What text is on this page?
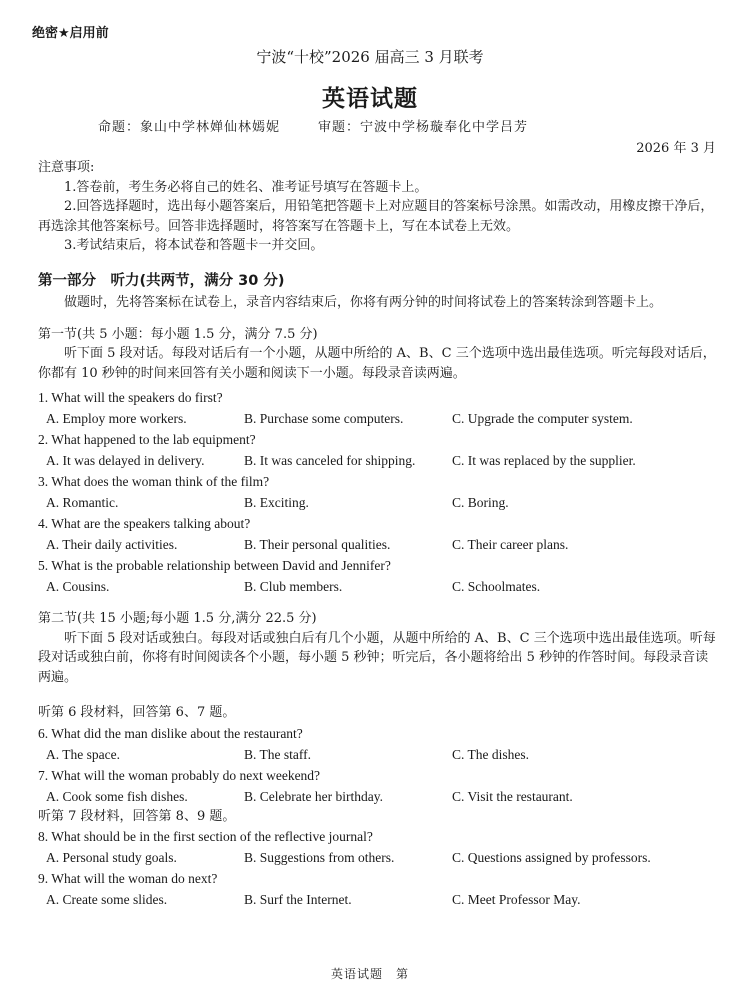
绝密★启用前
宁波“十校”2026 届高三 3 月联考
英语试题
命题：象山中学林婵仙林嫣妮	审题：宁波中学杨璇奉化中学吕芳
2026 年 3 月

注意事项:

1.答卷前，考生务必将自己的姓名、准考证号填写在答题卡上。

2.回答选择题时，选出每小题答案后，用铅笔把答题卡上对应题目的答案标号涂黑。如需改动，用橡皮擦干净后，再选涂其他答案标号。回答非选择题时，将答案写在答题卡上，写在本试卷上无效。

3.考试结束后，将本试卷和答题卡一并交回。

第一部分　听力(共两节，满分 30 分)

做题时，先将答案标在试卷上，录音内容结束后，你将有两分钟的时间将试卷上的答案转涂到答题卡上。

第一节(共 5 小题：每小题 1.5 分，满分 7.5 分)

听下面 5 段对话。每段对话后有一个小题，从题中所给的 A、B、C 三个选项中选出最佳选项。听完每段对话后，你都有 10 秒钟的时间来回答有关小题和阅读下一小题。每段录音读两遍。

1. What will the speakers do first?

A. Employ more workers.	B. Purchase some computers.	C. Upgrade the computer system.

2. What happened to the lab equipment?

A. It was delayed in delivery.	B. It was canceled for shipping.	C. It was replaced by the supplier.

3. What does the woman think of the film?

A. Romantic.	B. Exciting.	C. Boring.

4. What are the speakers talking about?

A. Their daily activities.	B. Their personal qualities.	C. Their career plans.

5. What is the probable relationship between David and Jennifer?

A. Cousins.	B. Club members.	C. Schoolmates.

第二节(共 15 小题;每小题 1.5 分,满分 22.5 分)

听下面 5 段对话或独白。每段对话或独白后有几个小题，从题中所给的 A、B、C 三个选项中选出最佳选项。听每段对话或独白前，你将有时间阅读各个小题，每小题 5 秒钟；听完后，各小题将给出 5 秒钟的作答时间。每段录音读两遍。

听第 6 段材料，回答第 6、7 题。

6. What did the man dislike about the restaurant?

A. The space.	B. The staff.	C. The dishes.

7. What will the woman probably do next weekend?

A. Cook some fish dishes.	B. Celebrate her birthday.	C. Visit the restaurant.

听第 7 段材料，回答第 8、9 题。

8. What should be in the first section of the reflective journal?

A. Personal study goals.	B. Suggestions from others.	C. Questions assigned by professors.

9. What will the woman do next?

A. Create some slides.	B. Surf the Internet.	C. Meet Professor May.
英语试题　第
